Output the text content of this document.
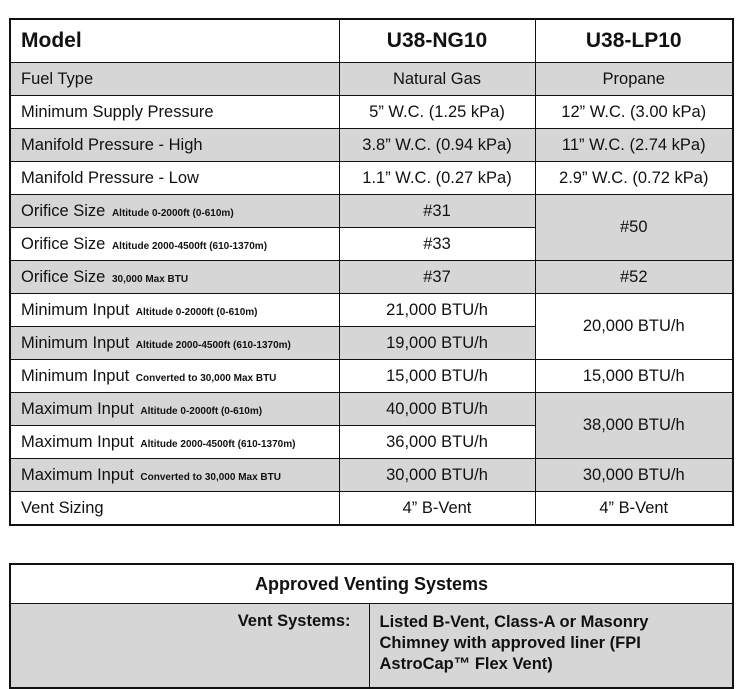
Model	U38-NG10	U38-LP10
Fuel Type	Natural Gas	Propane
Minimum Supply Pressure	5” W.C. (1.25 kPa)	12” W.C. (3.00 kPa)
Manifold Pressure - High	3.8” W.C. (0.94 kPa)	11” W.C. (2.74 kPa)
Manifold Pressure - Low	1.1” W.C. (0.27 kPa)	2.9” W.C. (0.72 kPa)
Orifice Size Altitude 0-2000ft (0-610m)	#31	#50
Orifice Size Altitude 2000-4500ft (610-1370m)	#33	
Orifice Size 30,000 Max BTU	#37	#52
Minimum Input Altitude 0-2000ft (0-610m)	21,000 BTU/h	20,000 BTU/h
Minimum Input Altitude 2000-4500ft (610-1370m)	19,000 BTU/h	
Minimum Input Converted to 30,000 Max BTU	15,000 BTU/h	15,000 BTU/h
Maximum Input Altitude 0-2000ft (0-610m)	40,000 BTU/h	38,000 BTU/h
Maximum Input Altitude 2000-4500ft (610-1370m)	36,000 BTU/h	
Maximum Input Converted to 30,000 Max BTU	30,000 BTU/h	30,000 BTU/h
Vent Sizing	4” B-Vent	4” B-Vent
Approved Venting Systems
Vent Systems:	Listed B-Vent, Class-A or Masonry
Chimney with approved liner (FPI
AstroCap™ Flex Vent)
